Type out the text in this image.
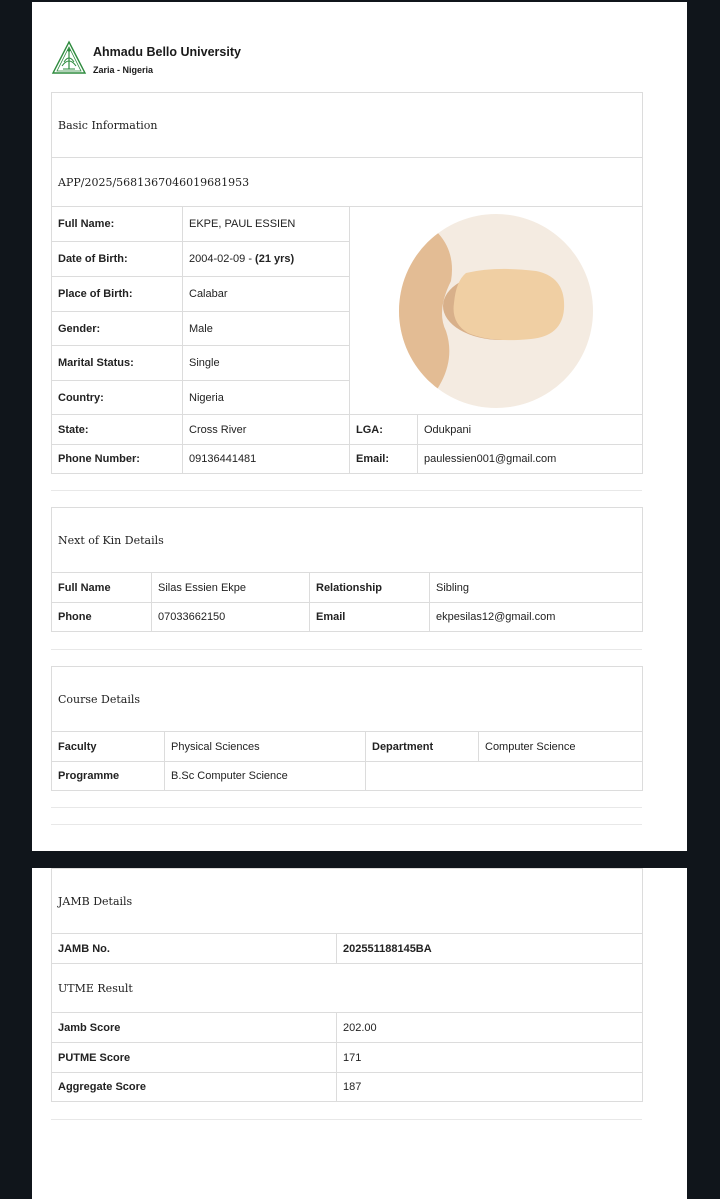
Ahmadu Bello University
Zaria - Nigeria
Basic Information			
APP/2025/5681367046019681953			
Full Name:	EKPE, PAUL ESSIEN	

Date of Birth:	2004-02-09 - (21 yrs)		
Place of Birth:	Calabar		
Gender:	Male		
Marital Status:	Single		
Country:	Nigeria		
State:	Cross River	LGA:	Odukpani
Phone Number:	09136441481	Email:	paulessien001@gmail.com
Next of Kin Details			
Full Name	Silas Essien Ekpe	Relationship	Sibling
Phone	07033662150	Email	ekpesilas12@gmail.com
Course Details			
Faculty	Physical Sciences	Department	Computer Science
Programme	B.Sc Computer Science		
JAMB Details	
JAMB No.	202551188145BA
UTME Result	
Jamb Score	202.00
PUTME Score	171
Aggregate Score	187
